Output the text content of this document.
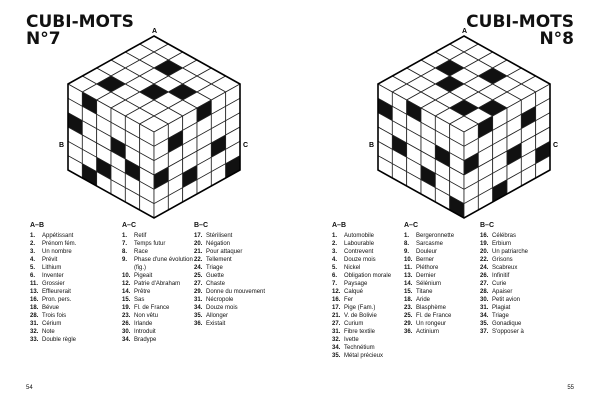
CUBI-MOTS
N°7	A
B	C
A–B
1.	Appétissant
2.	Prénom fém.
3.	Un nombre
4.	Prévit
5.	Lithium
6.	Inventer
11. Grossier
13. Effleurerait
16. Pron. pers.
18. Bévue
28. Trois fois
31. Cérium
32. Note
33. Double règle
A–C
1.	Retif
7.	Temps futur
8.	Race
9.	Phase d'une évolution (fig.)
10. Pigeait
12. Patrie d'Abraham
14. Prêtre
15. Sas
19. Fl. de France
23. Non vêtu
26. Irlande
30. Introduit
34. Bradype
B–C
17. Stérilisent
20. Négation
21. Pour attaquer
22. Tellement
24. Triage
25. Guette
27. Chaste
29. Donne du mouvement
31. Nécropole
34. Douze mois
35. Allonger
36. Existait
54
CUBI-MOTS
N°8
A
B	C
A–B
1.	Automobile
2.	Labourable
3.	Contrevent
4.	Douze mois
5.	Nickel
6.	Obligation morale
7.	Paysage
12. Calqué
16. Fer
17. Pige (Fam.)
21. V. de Bolivie
27. Curium
31. Fibre textile
32. Ivette
34. Technétium
35. Métal précieux
A–C
1.	Bergeronnette
8.	Sarcasme
9.	Douleur
10. Berner
11. Pléthore
13. Dernier
14. Sélénium
15. Titane
18. Aride
23. Blasphème
25. Fl. de France
29. Un rongeur
36. Actinium
B–C
16. Célébras
19. Erbium
20. Un patriarche
22. Grisons
24. Scabreux
26. Infinitif
27. Curie
28. Apaiser
30. Petit avion
31. Plagiat
34. Triage
35. Gonadique
37. S'opposer à
55
